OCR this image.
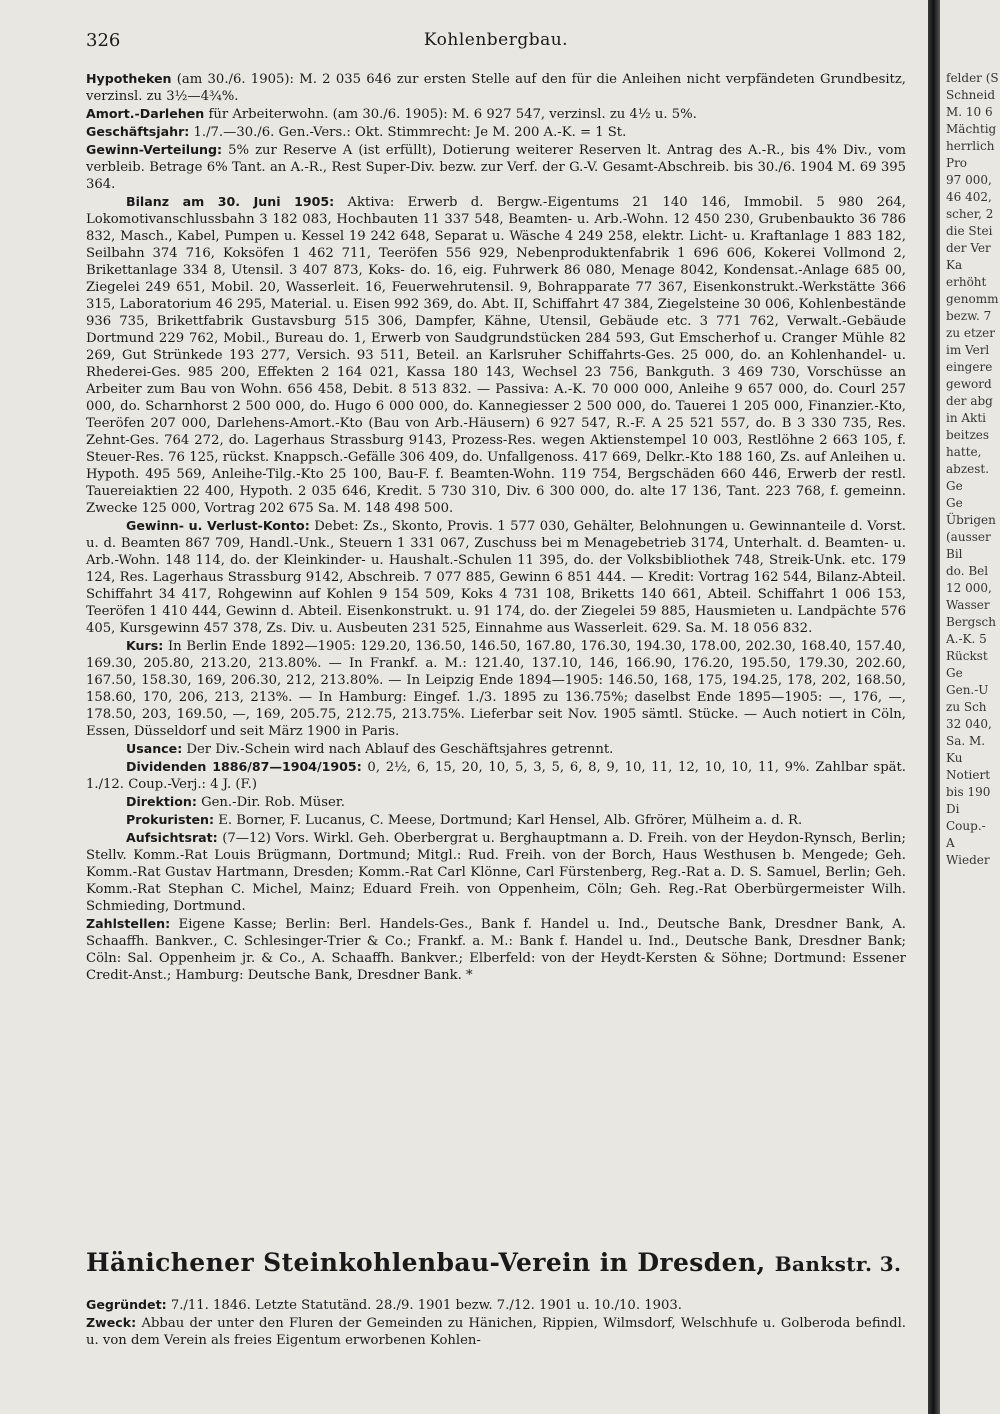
Kohlenbergbau.
326

Hypotheken (am 30./6. 1905): M. 2 035 646 zur ersten Stelle auf den für die Anleihen nicht verpfändeten Grundbesitz, verzinsl. zu 3½—4¾%.

Amort.-Darlehen für Arbeiterwohn. (am 30./6. 1905): M. 6 927 547, verzinsl. zu 4½ u. 5%.

Geschäftsjahr: 1./7.—30./6. Gen.-Vers.: Okt. Stimmrecht: Je M. 200 A.-K. = 1 St.

Gewinn-Verteilung: 5% zur Reserve A (ist erfüllt), Dotierung weiterer Reserven lt. Antrag des A.-R., bis 4% Div., vom verbleib. Betrage 6% Tant. an A.-R., Rest Super-Div. bezw. zur Verf. der G.-V. Gesamt-Abschreib. bis 30./6. 1904 M. 69 395 364.

Bilanz am 30. Juni 1905: Aktiva: Erwerb d. Bergw.-Eigentums 21 140 146, Immobil. 5 980 264, Lokomotivanschlussbahn 3 182 083, Hochbauten 11 337 548, Beamten- u. Arb.-Wohn. 12 450 230, Grubenbaukto 36 786 832, Masch., Kabel, Pumpen u. Kessel 19 242 648, Separat u. Wäsche 4 249 258, elektr. Licht- u. Kraftanlage 1 883 182, Seilbahn 374 716, Koksöfen 1 462 711, Teeröfen 556 929, Nebenproduktenfabrik 1 696 606, Kokerei Vollmond 2, Brikettanlage 334 8, Utensil. 3 407 873, Koks- do. 16, eig. Fuhrwerk 86 080, Menage 8042, Kondensat.-Anlage 685 00, Ziegelei 249 651, Mobil. 20, Wasserleit. 16, Feuerwehrutensil. 9, Bohrapparate 77 367, Eisenkonstrukt.-Werkstätte 366 315, Laboratorium 46 295, Material. u. Eisen 992 369, do. Abt. II, Schiffahrt 47 384, Ziegelsteine 30 006, Kohlenbestände 936 735, Brikettfabrik Gustavsburg 515 306, Dampfer, Kähne, Utensil, Gebäude etc. 3 771 762, Verwalt.-Gebäude Dortmund 229 762, Mobil., Bureau do. 1, Erwerb von Saudgrundstücken 284 593, Gut Emscherhof u. Cranger Mühle 82 269, Gut Strünkede 193 277, Versich. 93 511, Beteil. an Karlsruher Schiffahrts-Ges. 25 000, do. an Kohlenhandel- u. Rhederei-Ges. 985 200, Effekten 2 164 021, Kassa 180 143, Wechsel 23 756, Bankguth. 3 469 730, Vorschüsse an Arbeiter zum Bau von Wohn. 656 458, Debit. 8 513 832. — Passiva: A.-K. 70 000 000, Anleihe 9 657 000, do. Courl 257 000, do. Scharnhorst 2 500 000, do. Hugo 6 000 000, do. Kannegiesser 2 500 000, do. Tauerei 1 205 000, Finanzier.-Kto, Teeröfen 207 000, Darlehens-Amort.-Kto (Bau von Arb.-Häusern) 6 927 547, R.-F. A 25 521 557, do. B 3 330 735, Res. Zehnt-Ges. 764 272, do. Lagerhaus Strassburg 9143, Prozess-Res. wegen Aktienstempel 10 003, Restlöhne 2 663 105, f. Steuer-Res. 76 125, rückst. Knappsch.-Gefälle 306 409, do. Unfallgenoss. 417 669, Delkr.-Kto 188 160, Zs. auf Anleihen u. Hypoth. 495 569, Anleihe-Tilg.-Kto 25 100, Bau-F. f. Beamten-Wohn. 119 754, Bergschäden 660 446, Erwerb der restl. Tauereiaktien 22 400, Hypoth. 2 035 646, Kredit. 5 730 310, Div. 6 300 000, do. alte 17 136, Tant. 223 768, f. gemeinn. Zwecke 125 000, Vortrag 202 675 Sa. M. 148 498 500.

Gewinn- u. Verlust-Konto: Debet: Zs., Skonto, Provis. 1 577 030, Gehälter, Belohnungen u. Gewinnanteile d. Vorst. u. d. Beamten 867 709, Handl.-Unk., Steuern 1 331 067, Zuschuss bei m Menagebetrieb 3174, Unterhalt. d. Beamten- u. Arb.-Wohn. 148 114, do. der Kleinkinder- u. Haushalt.-Schulen 11 395, do. der Volksbibliothek 748, Streik-Unk. etc. 179 124, Res. Lagerhaus Strassburg 9142, Abschreib. 7 077 885, Gewinn 6 851 444. — Kredit: Vortrag 162 544, Bilanz-Abteil. Schiffahrt 34 417, Rohgewinn auf Kohlen 9 154 509, Koks 4 731 108, Briketts 140 661, Abteil. Schiffahrt 1 006 153, Teeröfen 1 410 444, Gewinn d. Abteil. Eisenkonstrukt. u. 91 174, do. der Ziegelei 59 885, Hausmieten u. Landpächte 576 405, Kursgewinn 457 378, Zs. Div. u. Ausbeuten 231 525, Einnahme aus Wasserleit. 629. Sa. M. 18 056 832.

Kurs: In Berlin Ende 1892—1905: 129.20, 136.50, 146.50, 167.80, 176.30, 194.30, 178.00, 202.30, 168.40, 157.40, 169.30, 205.80, 213.20, 213.80%. — In Frankf. a. M.: 121.40, 137.10, 146, 166.90, 176.20, 195.50, 179.30, 202.60, 167.50, 158.30, 169, 206.30, 212, 213.80%. — In Leipzig Ende 1894—1905: 146.50, 168, 175, 194.25, 178, 202, 168.50, 158.60, 170, 206, 213, 213%. — In Hamburg: Eingef. 1./3. 1895 zu 136.75%; daselbst Ende 1895—1905: —, 176, —, 178.50, 203, 169.50, —, 169, 205.75, 212.75, 213.75%. Lieferbar seit Nov. 1905 sämtl. Stücke. — Auch notiert in Cöln, Essen, Düsseldorf und seit März 1900 in Paris.

Usance: Der Div.-Schein wird nach Ablauf des Geschäftsjahres getrennt.

Dividenden 1886/87—1904/1905: 0, 2½, 6, 15, 20, 10, 5, 3, 5, 6, 8, 9, 10, 11, 12, 10, 10, 11, 9%. Zahlbar spät. 1./12. Coup.-Verj.: 4 J. (F.)

Direktion: Gen.-Dir. Rob. Müser.

Prokuristen: E. Borner, F. Lucanus, C. Meese, Dortmund; Karl Hensel, Alb. Gfrörer, Mülheim a. d. R.

Aufsichtsrat: (7—12) Vors. Wirkl. Geh. Oberbergrat u. Berghauptmann a. D. Freih. von der Heydon-Rynsch, Berlin; Stellv. Komm.-Rat Louis Brügmann, Dortmund; Mitgl.: Rud. Freih. von der Borch, Haus Westhusen b. Mengede; Geh. Komm.-Rat Gustav Hartmann, Dresden; Komm.-Rat Carl Klönne, Carl Fürstenberg, Reg.-Rat a. D. S. Samuel, Berlin; Geh. Komm.-Rat Stephan C. Michel, Mainz; Eduard Freih. von Oppenheim, Cöln; Geh. Reg.-Rat Oberbürgermeister Wilh. Schmieding, Dortmund.

Zahlstellen: Eigene Kasse; Berlin: Berl. Handels-Ges., Bank f. Handel u. Ind., Deutsche Bank, Dresdner Bank, A. Schaaffh. Bankver., C. Schlesinger-Trier & Co.; Frankf. a. M.: Bank f. Handel u. Ind., Deutsche Bank, Dresdner Bank; Cöln: Sal. Oppenheim jr. & Co., A. Schaaffh. Bankver.; Elberfeld: von der Heydt-Kersten & Söhne; Dortmund: Essener Credit-Anst.; Hamburg: Deutsche Bank, Dresdner Bank. *

Hänichener Steinkohlenbau-Verein in Dresden, Bankstr. 3.

Gegründet: 7./11. 1846. Letzte Statutänd. 28./9. 1901 bezw. 7./12. 1901 u. 10./10. 1903.

Zweck: Abbau der unter den Fluren der Gemeinden zu Hänichen, Rippien, Wilmsdorf, Welschhufe u. Golberoda befindl. u. von dem Verein als freies Eigentum erworbenen Kohlen-

felder (S
Schneid
M. 10 6
Mächtig
herrlich
Pro
97 000,
46 402,
scher, 2
die Stei
der Ver
Ka
erhöht
genomm
bezw. 7
zu etzer
im Verl
eingere
geword
der abg
in Akti
beitzes
hatte,
abzest.
Ge
Ge
Übrigen
(ausser
Bil
do. Bel
12 000,
Wasser
Bergsch
A.-K. 5
Rückst
Ge
Gen.-U
zu Sch
32 040,
Sa. M.
Ku
Notiert
bis 190
Di
Coup.-
A
Wieder
